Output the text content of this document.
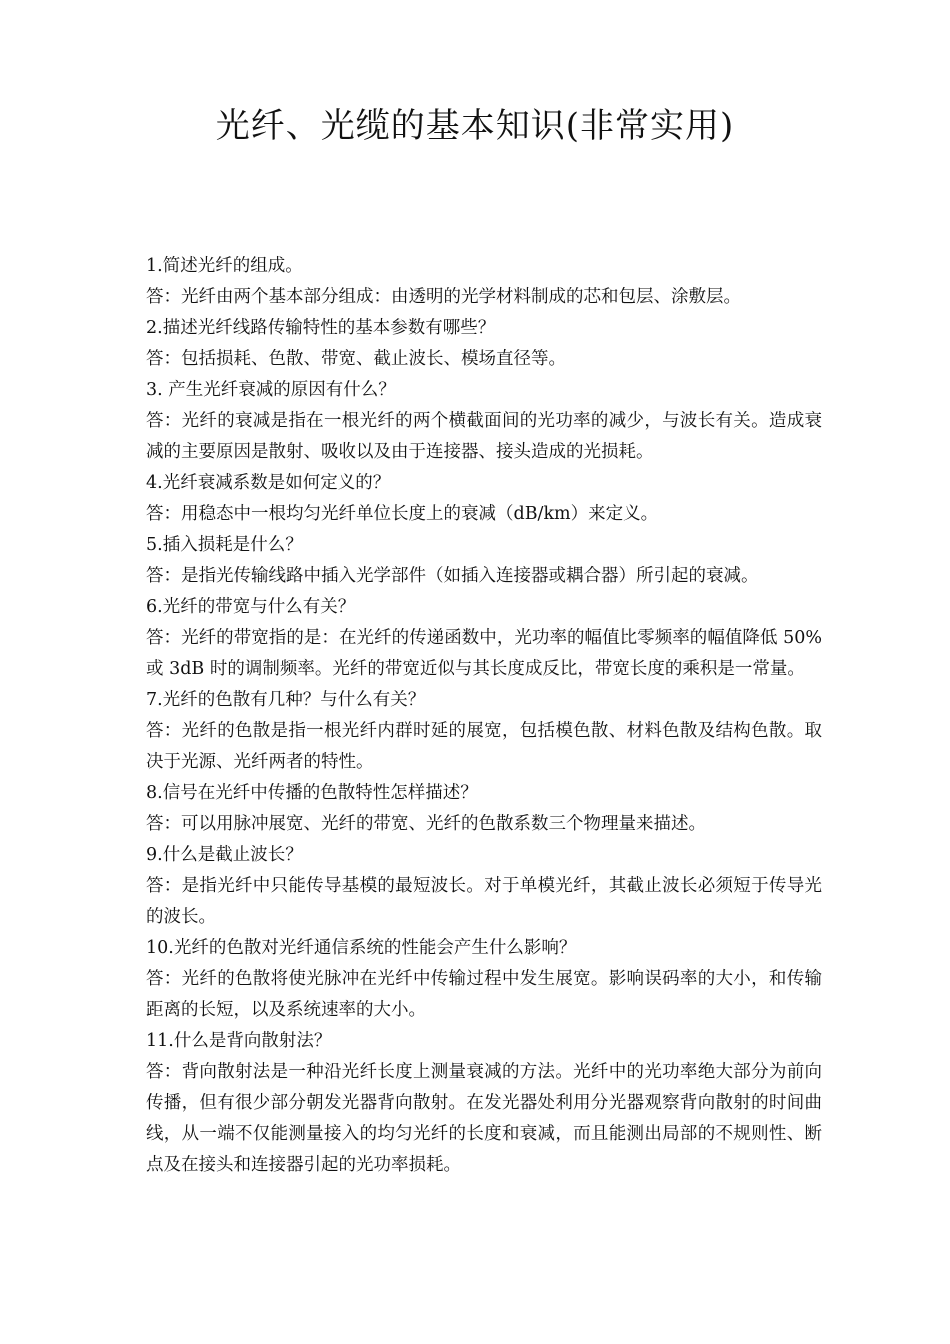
光纤、光缆的基本知识(非常实用)

1.简述光纤的组成。

答：光纤由两个基本部分组成：由透明的光学材料制成的芯和包层、涂敷层。

2.描述光纤线路传输特性的基本参数有哪些？

答：包括损耗、色散、带宽、截止波长、模场直径等。

3. 产生光纤衰减的原因有什么？

答：光纤的衰减是指在一根光纤的两个横截面间的光功率的减少，与波长有关。造成衰减的主要原因是散射、吸收以及由于连接器、接头造成的光损耗。

4.光纤衰减系数是如何定义的？

答：用稳态中一根均匀光纤单位长度上的衰减（dB/km）来定义。

5.插入损耗是什么？

答：是指光传输线路中插入光学部件（如插入连接器或耦合器）所引起的衰减。

6.光纤的带宽与什么有关？

答：光纤的带宽指的是：在光纤的传递函数中，光功率的幅值比零频率的幅值降低 50%或 3dB 时的调制频率。光纤的带宽近似与其长度成反比，带宽长度的乘积是一常量。

7.光纤的色散有几种？与什么有关？

答：光纤的色散是指一根光纤内群时延的展宽，包括模色散、材料色散及结构色散。取决于光源、光纤两者的特性。

8.信号在光纤中传播的色散特性怎样描述？

答：可以用脉冲展宽、光纤的带宽、光纤的色散系数三个物理量来描述。

9.什么是截止波长？

答：是指光纤中只能传导基模的最短波长。对于单模光纤，其截止波长必须短于传导光的波长。

10.光纤的色散对光纤通信系统的性能会产生什么影响？

答：光纤的色散将使光脉冲在光纤中传输过程中发生展宽。影响误码率的大小，和传输距离的长短，以及系统速率的大小。

11.什么是背向散射法？

答：背向散射法是一种沿光纤长度上测量衰减的方法。光纤中的光功率绝大部分为前向传播，但有很少部分朝发光器背向散射。在发光器处利用分光器观察背向散射的时间曲线，从一端不仅能测量接入的均匀光纤的长度和衰减，而且能测出局部的不规则性、断点及在接头和连接器引起的光功率损耗。
